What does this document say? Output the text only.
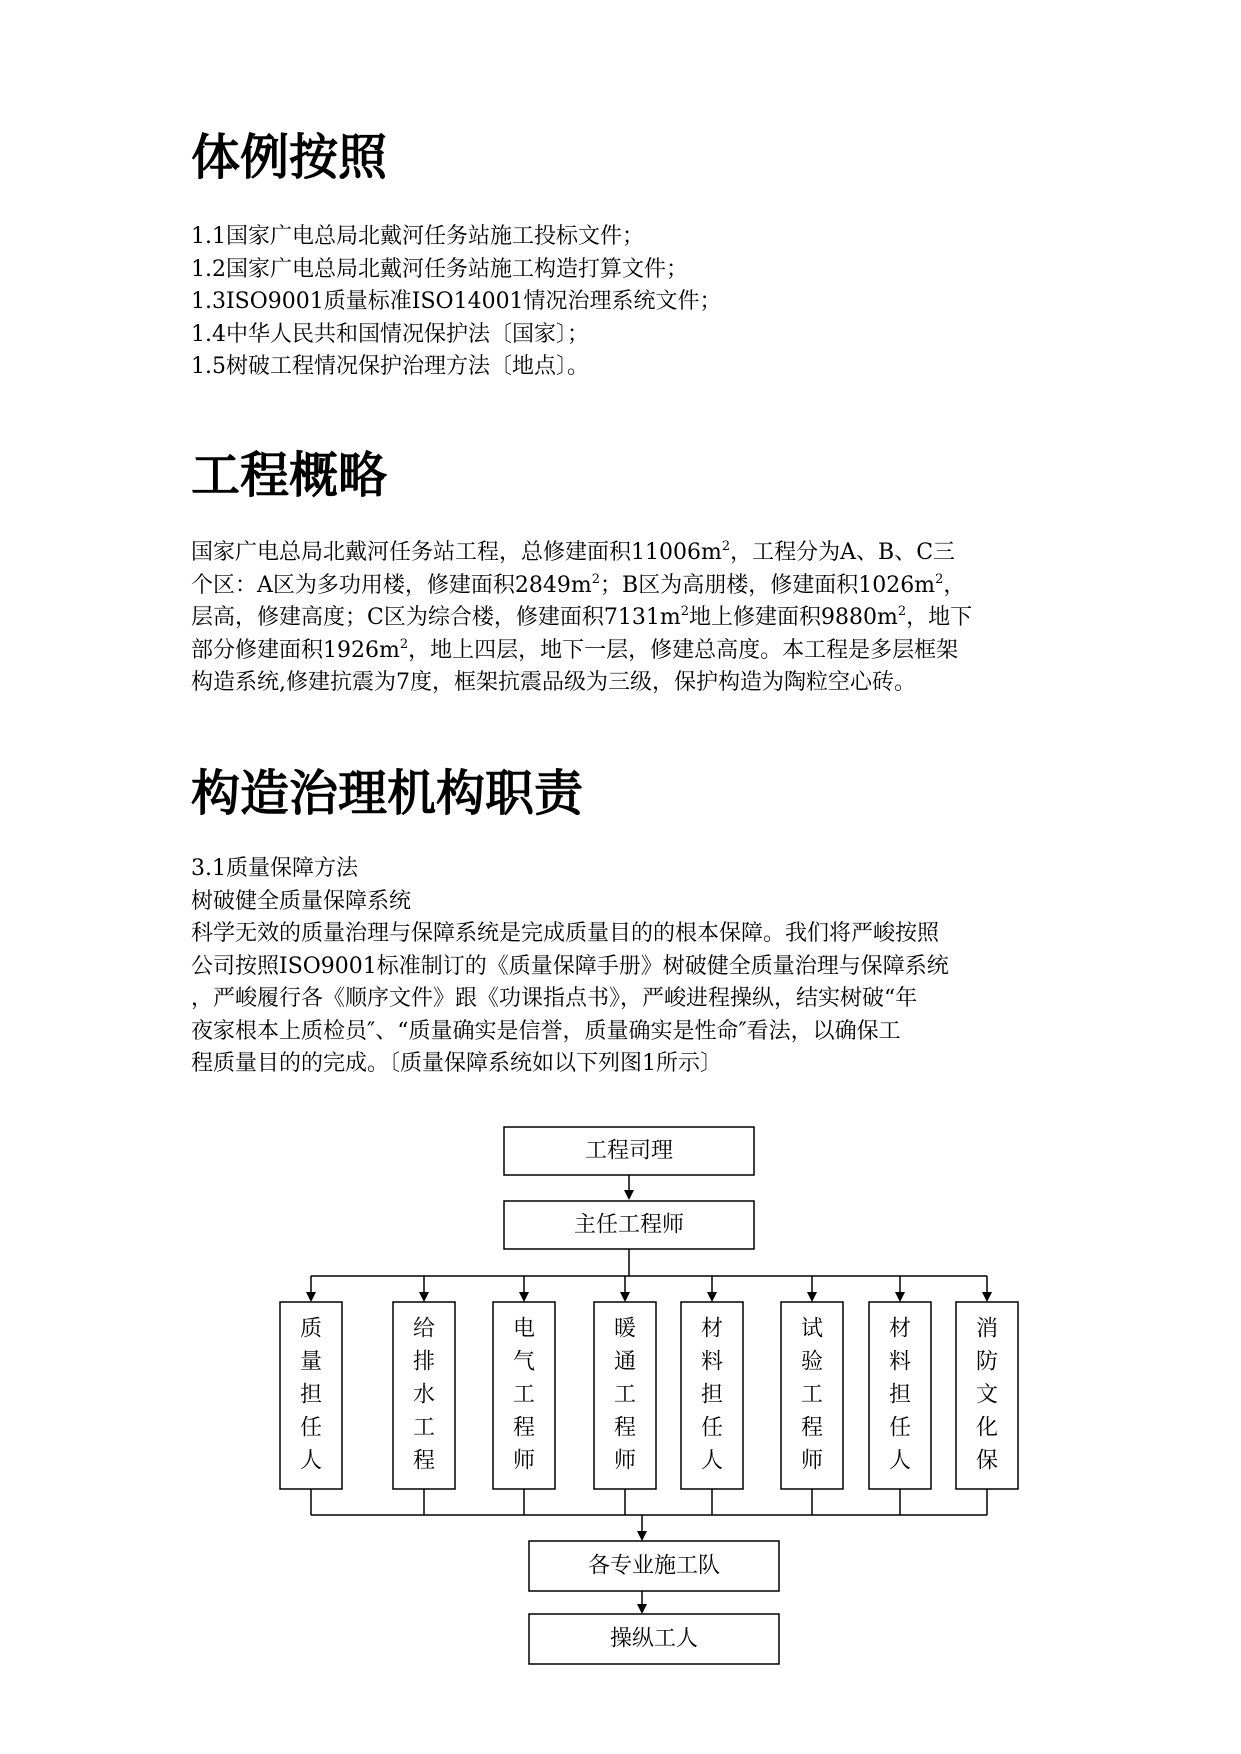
体例按照
1.1国家广电总局北戴河任务站施工投标文件；
1.2国家广电总局北戴河任务站施工构造打算文件；
1.3ISO9001质量标准ISO14001情况治理系统文件；
1.4中华人民共和国情况保护法〔国家〕；
1.5树破工程情况保护治理方法〔地点〕。
工程概略
国家广电总局北戴河任务站工程，总修建面积$11006m^2$，工程分为A、B、C三
个区：A区为多功用楼，修建面积$2849m^2$；B区为高朋楼，修建面积$1026m^2$，
层高，修建高度；C区为综合楼，修建面积$7131m^2$地上修建面积$9880m^2$，地下
部分修建面积$1926m^2$，地上四层，地下一层，修建总高度。本工程是多层框架
构造系统,修建抗震为7度，框架抗震品级为三级，保护构造为陶粒空心砖。
构造治理机构职责
3.1质量保障方法
树破健全质量保障系统
科学无效的质量治理与保障系统是完成质量目的的根本保障。我们将严峻按照
公司按照ISO9001标准制订的《质量保障手册》树破健全质量治理与保障系统
，严峻履行各《顺序文件》跟《功课指点书》，严峻进程操纵，结实树破“年
夜家根本上质检员″、“质量确实是信誉，质量确实是性命″看法，以确保工
程质量目的的完成。〔质量保障系统如以下列图1所示〕
工程司理
主任工程师
质
量
担
任
人
给
排
水
工
程
电
气
工
程
师
暖
通
工
程
师
材
料
担
任
人
试
验
工
程
师
材
料
担
任
人
消
防
文
化
保
各专业施工队
操纵工人
